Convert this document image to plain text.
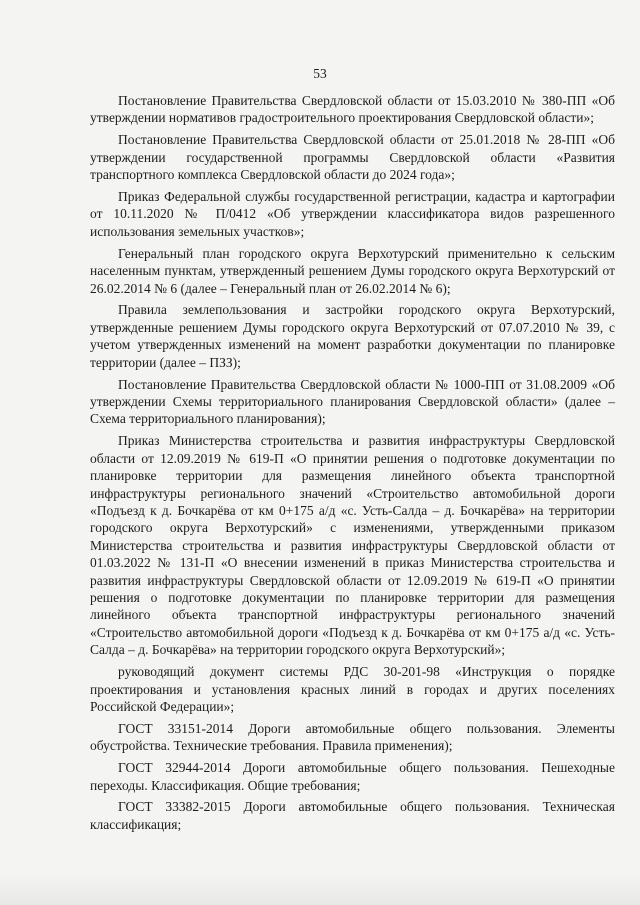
53

Постановление Правительства Свердловской области от 15.03.2010 № 380-ПП «Об утверждении нормативов градостроительного проектирования Свердловской области»;

Постановление Правительства Свердловской области от 25.01.2018 № 28-ПП «Об утверждении государственной программы Свердловской области «Развития транспортного комплекса Свердловской области до 2024 года»;

Приказ Федеральной службы государственной регистрации, кадастра и картографии от 10.11.2020 № П/0412 «Об утверждении классификатора видов разрешенного использования земельных участков»;

Генеральный план городского округа Верхотурский применительно к сельским населенным пунктам, утвержденный решением Думы городского округа Верхотурский от 26.02.2014 № 6 (далее – Генеральный план от 26.02.2014 № 6);

Правила землепользования и застройки городского округа Верхотурский, утвержденные решением Думы городского округа Верхотурский от 07.07.2010 № 39, с учетом утвержденных изменений на момент разработки документации по планировке территории (далее – ПЗЗ);

Постановление Правительства Свердловской области № 1000-ПП от 31.08.2009 «Об утверждении Схемы территориального планирования Свердловской области» (далее – Схема территориального планирования);

Приказ Министерства строительства и развития инфраструктуры Свердловской области от 12.09.2019 № 619-П «О принятии решения о подготовке документации по планировке территории для размещения линейного объекта транспортной инфраструктуры регионального значений «Строительство автомобильной дороги «Подъезд к д. Бочкарёва от км 0+175 а/д «с. Усть-Салда – д. Бочкарёва» на территории городского округа Верхотурский» с изменениями, утвержденными приказом Министерства строительства и развития инфраструктуры Свердловской области от 01.03.2022 № 131-П «О внесении изменений в приказ Министерства строительства и развития инфраструктуры Свердловской области от 12.09.2019 № 619-П «О принятии решения о подготовке документации по планировке территории для размещения линейного объекта транспортной инфраструктуры регионального значений «Строительство автомобильной дороги «Подъезд к д. Бочкарёва от км 0+175 а/д «с. Усть-Салда – д. Бочкарёва» на территории городского округа Верхотурский»;

руководящий документ системы РДС 30-201-98 «Инструкция о порядке проектирования и установления красных линий в городах и других поселениях Российской Федерации»;

ГОСТ 33151-2014 Дороги автомобильные общего пользования. Элементы обустройства. Технические требования. Правила применения);

ГОСТ 32944-2014 Дороги автомобильные общего пользования. Пешеходные переходы. Классификация. Общие требования;

ГОСТ 33382-2015 Дороги автомобильные общего пользования. Техническая классификация;
